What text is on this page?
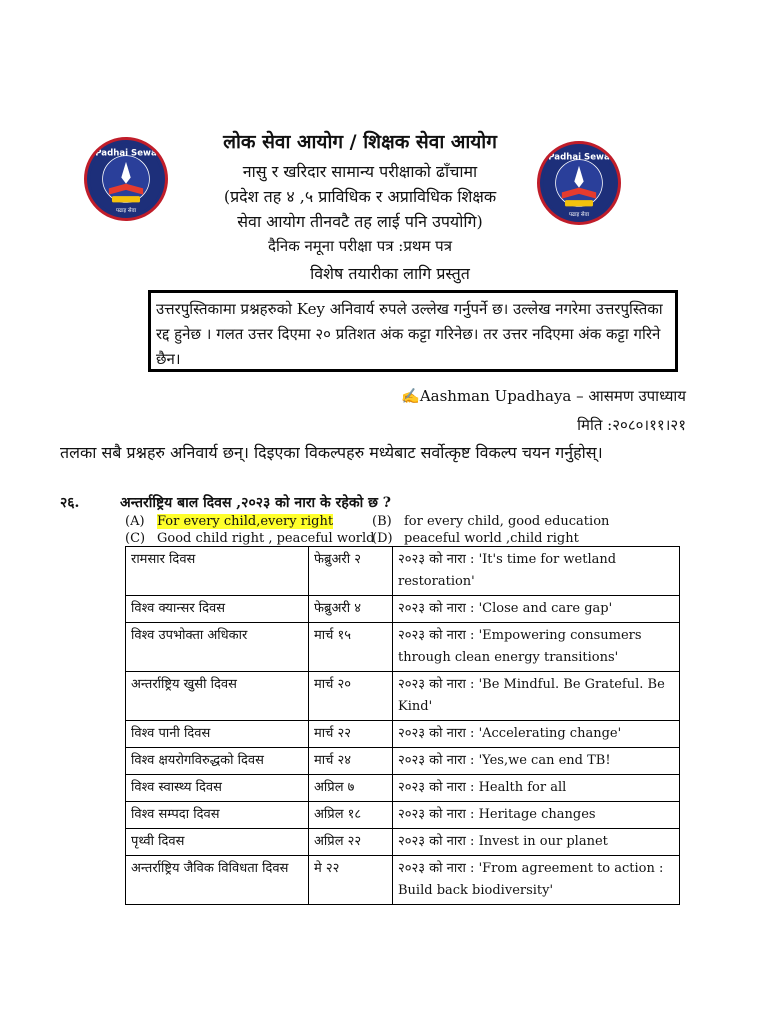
Padhai Sewa
पढाइ सेवा
Padhai Sewa
पढाइ सेवा
लोक सेवा आयोग / शिक्षक सेवा आयोग
नासु र खरिदार सामान्य परीक्षाको ढाँचामा
(प्रदेश तह ४ ,५ प्राविधिक र अप्राविधिक शिक्षक
सेवा आयोग तीनवटै तह लाई पनि उपयोगि)
दैनिक नमूना परीक्षा पत्र :प्रथम पत्र
विशेष तयारीका लागि प्रस्तुत
उत्तरपुस्तिकामा प्रश्नहरुको Key अनिवार्य रुपले उल्लेख गर्नुपर्ने छ। उल्लेख नगरेमा उत्तरपुस्तिका रद्द हुनेछ । गलत उत्तर दिएमा २० प्रतिशत अंक कट्टा गरिनेछ। तर उत्तर नदिएमा अंक कट्टा गरिने छैन।
✍Aashman Upadhaya – आसमण उपाध्याय
मिति :२०८०।११।२१
तलका सबै प्रश्नहरु अनिवार्य छन्। दिइएका विकल्पहरु मध्येबाट सर्वोत्कृष्ट विकल्प चयन गर्नुहोस्।
२६.	अन्तर्राष्ट्रिय बाल दिवस ,२०२३ को नारा के रहेको छ ?
(A) For every child,every right	(B) for every child, good education
(C) Good child right , peaceful world
(D) peaceful world ,child right
रामसार दिवस	फेब्रुअरी २	२०२३ को नारा : 'It's time for wetland restoration'
विश्व क्यान्सर दिवस	फेब्रुअरी ४	२०२३ को नारा : 'Close and care gap'
विश्व उपभोक्ता अधिकार	मार्च १५	२०२३ को नारा : 'Empowering consumers through clean energy transitions'
अन्तर्राष्ट्रिय खुसी दिवस	मार्च २०	२०२३ को नारा : 'Be Mindful. Be Grateful. Be Kind'
विश्व पानी दिवस	मार्च २२	२०२३ को नारा : 'Accelerating change'
विश्व क्षयरोगविरुद्धको दिवस	मार्च २४	२०२३ को नारा : 'Yes,we can end TB!
विश्व स्वास्थ्य दिवस	अप्रिल ७	२०२३ को नारा : Health for all
विश्व सम्पदा दिवस	अप्रिल १८	२०२३ को नारा : Heritage changes
पृथ्वी दिवस	अप्रिल २२	२०२३ को नारा : Invest in our planet
अन्तर्राष्ट्रिय जैविक विविधता दिवस	मे २२	२०२३ को नारा : 'From agreement to action : Build back biodiversity'
